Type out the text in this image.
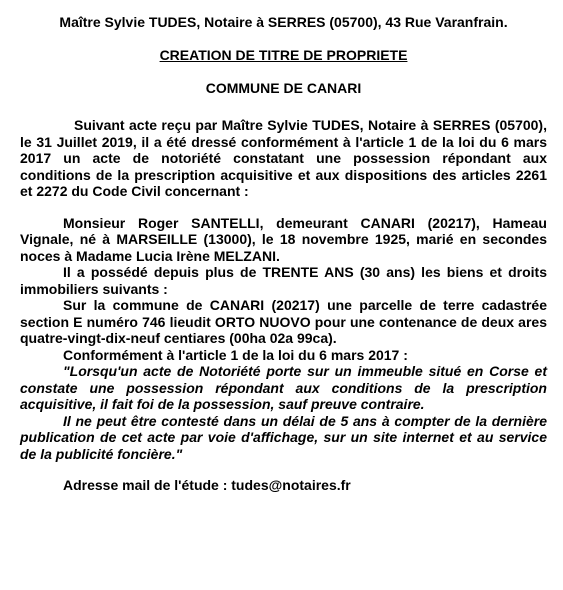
Maître Sylvie TUDES, Notaire à SERRES (05700), 43 Rue Varanfrain.
CREATION DE TITRE DE PROPRIETE
COMMUNE DE CANARI

Suivant acte reçu par Maître Sylvie TUDES, Notaire à SERRES (05700), le 31 Juillet 2019, il a été dressé conformément à l'article 1 de la loi du 6 mars 2017 un acte de notoriété constatant une possession répondant aux conditions de la prescription acquisitive et aux dispositions des articles 2261 et 2272 du Code Civil concernant :

Monsieur Roger SANTELLI, demeurant CANARI (20217), Hameau Vignale, né à MARSEILLE (13000), le 18 novembre 1925, marié en secondes noces à Madame Lucia Irène MELZANI.

Il a possédé depuis plus de TRENTE ANS (30 ans) les biens et droits immobiliers suivants :

Sur la commune de CANARI (20217) une parcelle de terre cadastrée section E numéro 746 lieudit ORTO NUOVO pour une contenance de deux ares quatre-vingt-dix-neuf centiares (00ha 02a 99ca).

Conformément à l'article 1 de la loi du 6 mars 2017 :

"Lorsqu'un acte de Notoriété porte sur un immeuble situé en Corse et constate une possession répondant aux conditions de la prescription acquisitive, il fait foi de la possession, sauf preuve contraire.

Il ne peut être contesté dans un délai de 5 ans à compter de la dernière publication de cet acte par voie d'affichage, sur un site internet et au service de la publicité foncière."

Adresse mail de l'étude : tudes@notaires.fr
